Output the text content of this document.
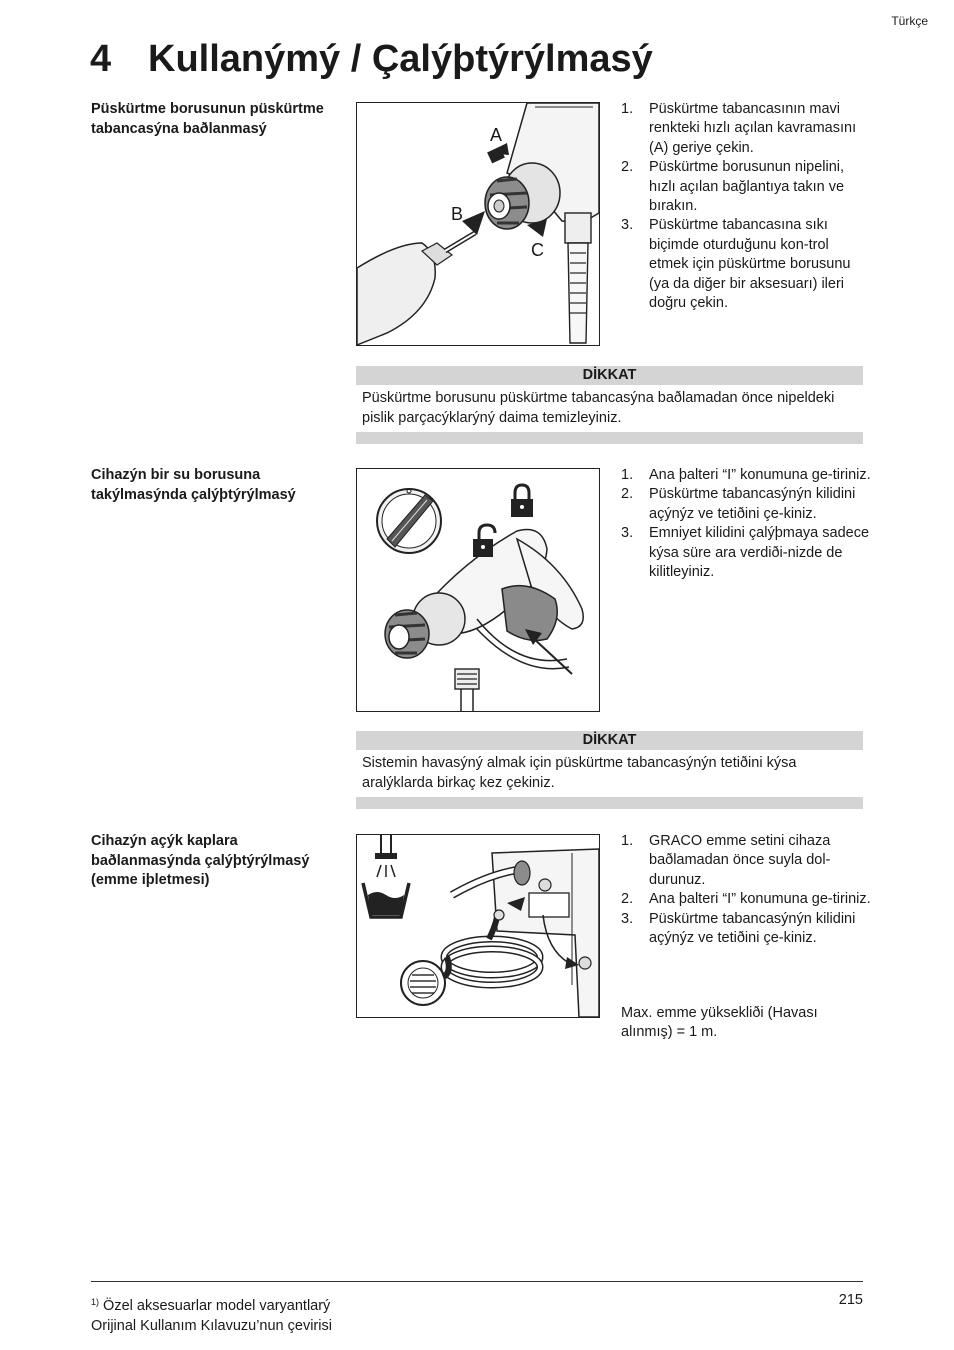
Türkçe
4 Kullanýmý / Çalýþtýrýlmasý
Püskürtme borusunun püskürtme tabancasýna baðlanmasý	A
B
C
1. Püskürtme tabancasının mavi renkteki hızlı açılan kavramasını (A) geriye çekin.
2. Püskürtme borusunun nipelini, hızlı açılan bağlantıya takın ve bırakın.
3. Püskürtme tabancasına sıkı biçimde oturduğunu kon-trol etmek için püskürtme borusunu (ya da diğer bir aksesuarı) ileri doğru çekin.
DİKKAT
Püskürtme borusunu püskürtme tabancasýna baðlamadan önce nipeldeki pislik parçacýklarýný daima temizleyiniz.
Cihazýn bir su borusuna takýlmasýnda çalýþtýrýlmasý
1. Ana þalteri “I” konumuna ge-tiriniz.
2. Püskürtme tabancasýnýn kilidini açýnýz ve tetiðini çe-kiniz.
3. Emniyet kilidini çalýþmaya sadece kýsa süre ara verdiði-nizde de kilitleyiniz.
DİKKAT
Sistemin havasýný almak için püskürtme tabancasýnýn tetiðini kýsa aralýklarda birkaç kez çekiniz.
Cihazýn açýk kaplara baðlanmasýnda çalýþtýrýlmasý (emme iþletmesi)
1. GRACO emme setini cihaza baðlamadan önce suyla dol-durunuz.
2. Ana þalteri “I” konumuna ge-tiriniz.
3. Püskürtme tabancasýnýn kilidini açýnýz ve tetiðini çe-kiniz.
Max. emme yüksekliði (Havası alınmış) = 1 m.
$^{1)}$ Özel aksesuarlar model varyantlarý
Orijinal Kullanım Kılavuzu’nun çevirisi
215
